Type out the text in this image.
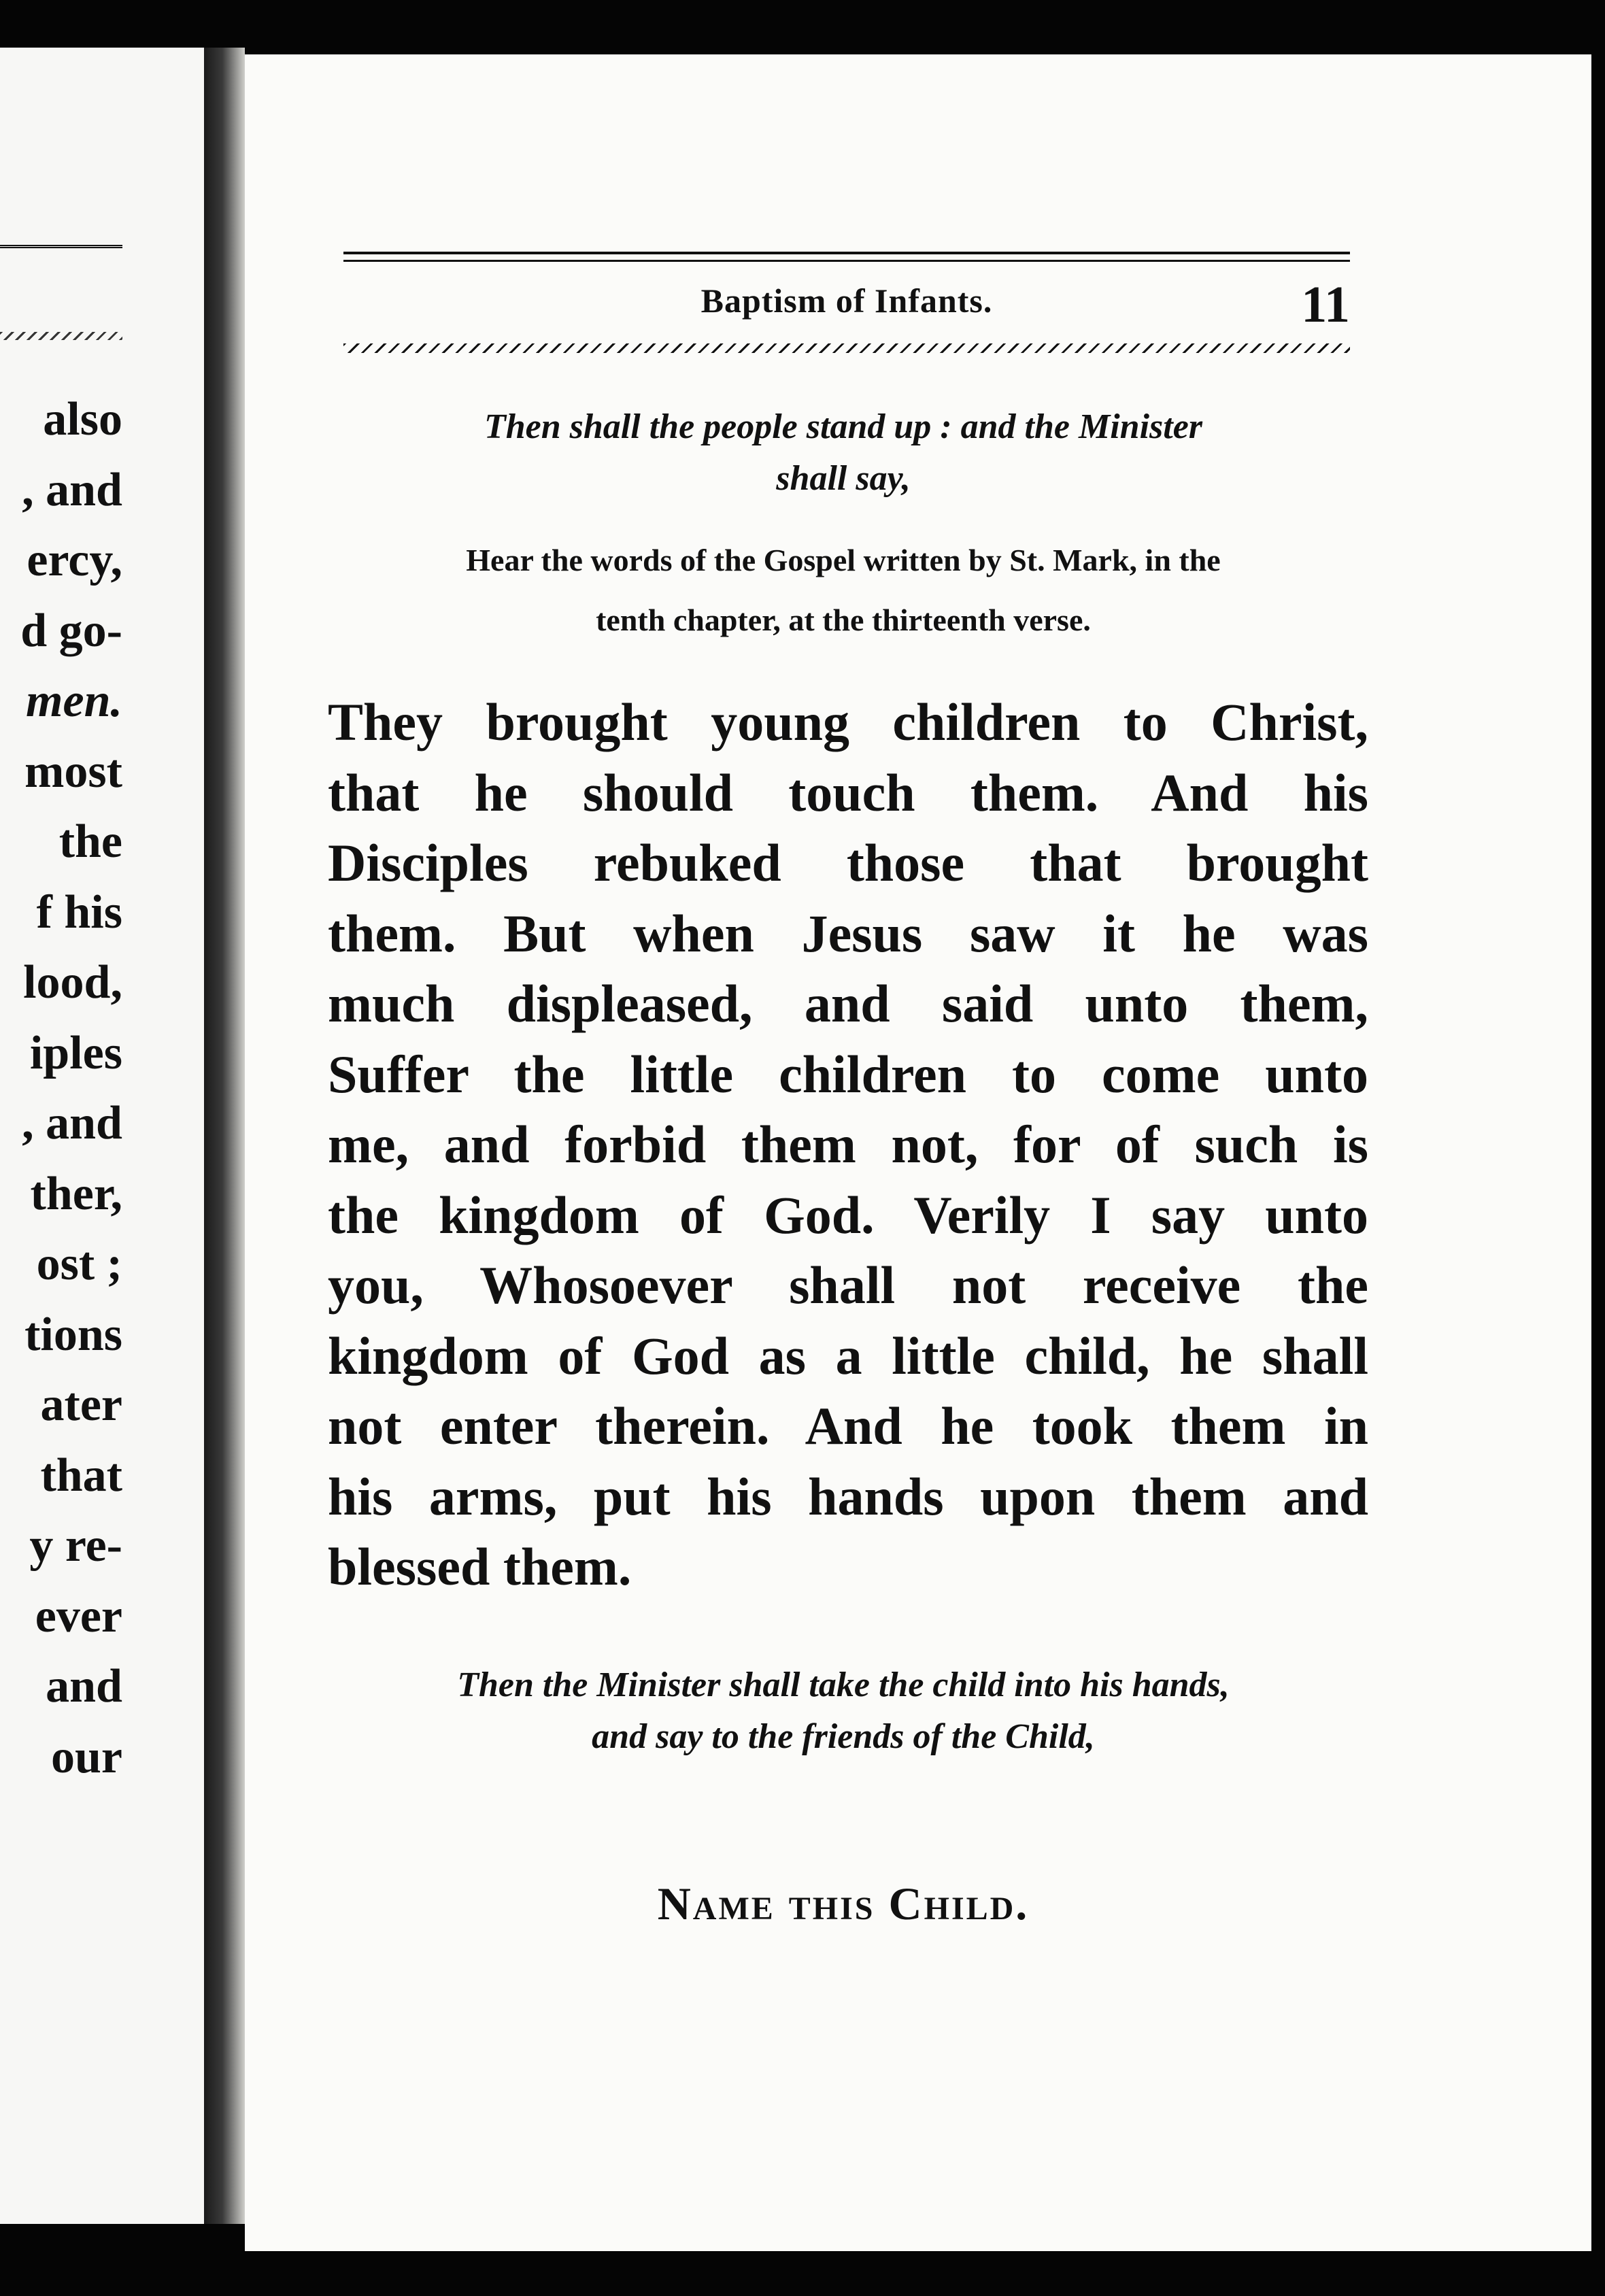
also
, and
ercy,
d go-
men.
most
the
f his
lood,
iples
, and
ther,
ost ;
tions
ater
that
y re-
ever
and
our
Baptism of Infants.	11
Then shall the people stand up : and the Minister
shall say,
Hear the words of the Gospel written by St. Mark, in the
tenth chapter, at the thirteenth verse.
They brought young children to Christ,
that he should touch them. And his
Disciples rebuked those that brought
them. But when Jesus saw it he was
much displeased, and said unto them,
Suffer the little children to come unto
me, and forbid them not, for of such is
the kingdom of God. Verily I say unto
you, Whosoever shall not receive the
kingdom of God as a little child, he shall
not enter therein. And he took them in
his arms, put his hands upon them and
blessed them.
Then the Minister shall take the child into his hands,
and say to the friends of the Child,
Name this Child.
